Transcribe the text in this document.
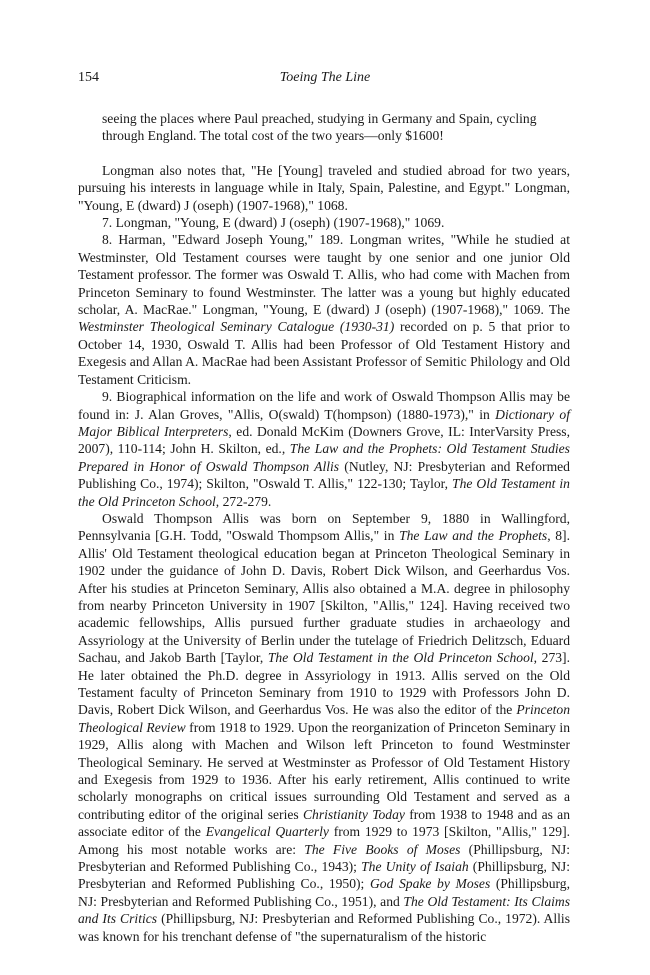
154	Toeing The Line
seeing the places where Paul preached, studying in Germany and Spain, cycling
through England. The total cost of the two years—only $1600!

Longman also notes that, "He [Young] traveled and studied abroad for two years, pursuing his interests in language while in Italy, Spain, Palestine, and Egypt." Longman, "Young, E (dward) J (oseph) (1907-1968)," 1068.

7. Longman, "Young, E (dward) J (oseph) (1907-1968)," 1069.

8. Harman, "Edward Joseph Young," 189. Longman writes, "While he studied at Westminster, Old Testament courses were taught by one senior and one junior Old Testament professor. The former was Oswald T. Allis, who had come with Machen from Princeton Seminary to found Westminster. The latter was a young but highly educated scholar, A. MacRae." Longman, "Young, E (dward) J (oseph) (1907-1968)," 1069. The Westminster Theological Seminary Catalogue (1930-31) recorded on p. 5 that prior to October 14, 1930, Oswald T. Allis had been Professor of Old Testament History and Exegesis and Allan A. MacRae had been Assistant Professor of Semitic Philology and Old Testament Criticism.

9. Biographical information on the life and work of Oswald Thompson Allis may be found in: J. Alan Groves, "Allis, O(swald) T(hompson) (1880-1973)," in Dictionary of Major Biblical Interpreters, ed. Donald McKim (Downers Grove, IL: InterVarsity Press, 2007), 110-114; John H. Skilton, ed., The Law and the Prophets: Old Testament Studies Prepared in Honor of Oswald Thompson Allis (Nutley, NJ: Presbyterian and Reformed Publishing Co., 1974); Skilton, "Oswald T. Allis," 122-130; Taylor, The Old Testament in the Old Princeton School, 272-279.

Oswald Thompson Allis was born on September 9, 1880 in Wallingford, Pennsylvania [G.H. Todd, "Oswald Thompsom Allis," in The Law and the Prophets, 8]. Allis' Old Testament theological education began at Princeton Theological Seminary in 1902 under the guidance of John D. Davis, Robert Dick Wilson, and Geerhardus Vos. After his studies at Princeton Seminary, Allis also obtained a M.A. degree in philosophy from nearby Princeton University in 1907 [Skilton, "Allis," 124]. Having received two academic fellowships, Allis pursued further graduate studies in archaeology and Assyriology at the University of Berlin under the tutelage of Friedrich Delitzsch, Eduard Sachau, and Jakob Barth [Taylor, The Old Testament in the Old Princeton School, 273]. He later obtained the Ph.D. degree in Assyriology in 1913. Allis served on the Old Testament faculty of Princeton Seminary from 1910 to 1929 with Professors John D. Davis, Robert Dick Wilson, and Geerhardus Vos. He was also the editor of the Princeton Theological Review from 1918 to 1929. Upon the reorganization of Princeton Seminary in 1929, Allis along with Machen and Wilson left Princeton to found Westminster Theological Seminary. He served at Westminster as Professor of Old Testament History and Exegesis from 1929 to 1936. After his early retirement, Allis continued to write scholarly monographs on critical issues surrounding Old Testament and served as a contributing editor of the original series Christianity Today from 1938 to 1948 and as an associate editor of the Evangelical Quarterly from 1929 to 1973 [Skilton, "Allis," 129]. Among his most notable works are: The Five Books of Moses (Phillipsburg, NJ: Presbyterian and Reformed Publishing Co., 1943); The Unity of Isaiah (Phillipsburg, NJ: Presbyterian and Reformed Publishing Co., 1950); God Spake by Moses (Phillipsburg, NJ: Presbyterian and Reformed Publishing Co., 1951), and The Old Testament: Its Claims and Its Critics (Phillipsburg, NJ: Presbyterian and Reformed Publishing Co., 1972). Allis was known for his trenchant defense of "the supernaturalism of the historic
